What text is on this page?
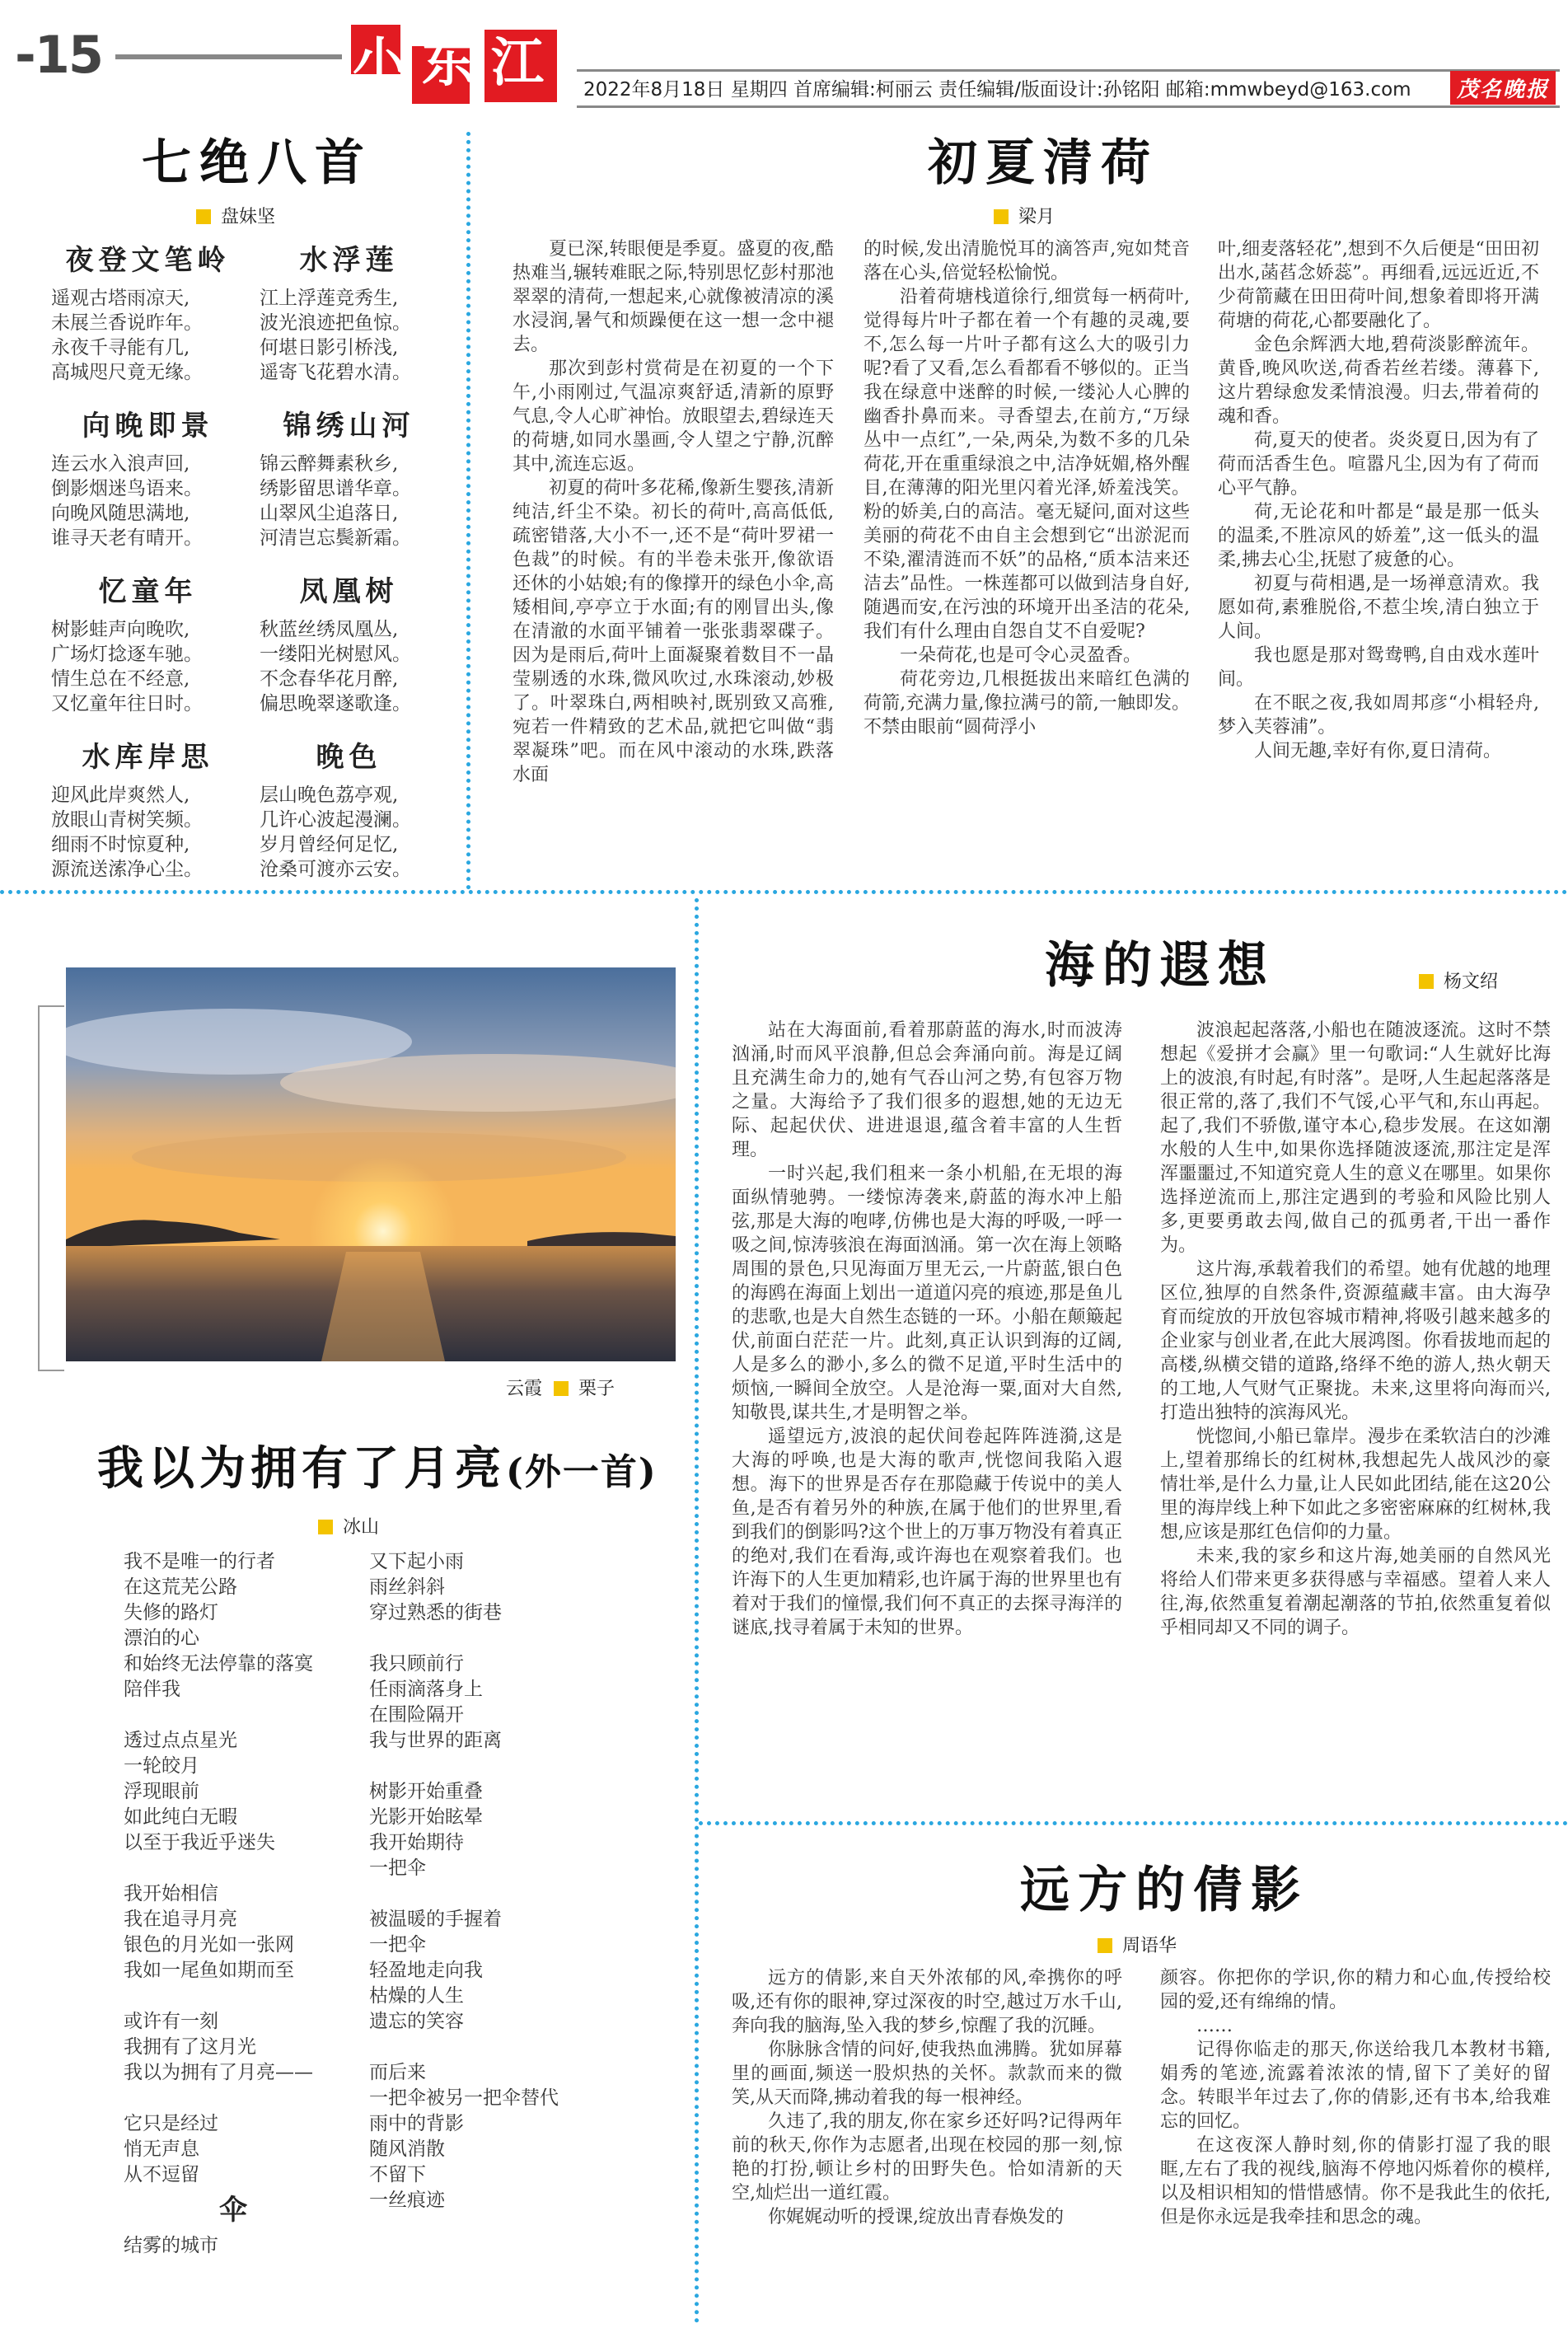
-15	小东江 2022年8月18日 星期四 首席编辑:柯丽云 责任编辑/版面设计:孙铭阳 邮箱:mmwbeyd@163.com	茂名晚报
七绝八首
盘妹坚
夜登文笔岭
遥观古塔雨凉天,
未展兰香说昨年。
永夜千寻能有几,
高城咫尺竟无缘。
水浮莲
江上浮莲竞秀生,
波光浪迹把鱼惊。
何堪日影引桥浅,
遥寄飞花碧水清。
向晚即景
连云水入浪声回,
倒影烟迷鸟语来。
向晚风随思满地,
谁寻天老有晴开。
锦绣山河
锦云醉舞素秋乡,
绣影留思谱华章。
山翠风尘追落日,
河清岂忘鬓新霜。
忆童年
树影蛙声向晚吹,
广场灯捻逐车驰。
情生总在不经意,
又忆童年往日时。
凤凰树
秋蓝丝绣凤凰丛,
一缕阳光树慰风。
不念春华花月醉,
偏思晚翠遂歌逢。
水库岸思
迎风此岸爽然人,
放眼山青树笑频。
细雨不时惊夏种,
源流送溹净心尘。
晚色
层山晚色荔亭观,
几许心波起漫澜。
岁月曾经何足忆,
沧桑可渡亦云安。
初夏清荷
梁月

夏已深,转眼便是季夏。盛夏的夜,酷热难当,辗转难眠之际,特别思忆彭村那池翠翠的清荷,一想起来,心就像被清凉的溪水浸润,暑气和烦躁便在这一想一念中褪去。

那次到彭村赏荷是在初夏的一个下午,小雨刚过,气温凉爽舒适,清新的原野气息,令人心旷神怡。放眼望去,碧绿连天的荷塘,如同水墨画,令人望之宁静,沉醉其中,流连忘返。

初夏的荷叶多花稀,像新生婴孩,清新纯洁,纤尘不染。初长的荷叶,高高低低,疏密错落,大小不一,还不是“荷叶罗裙一色裁”的时候。有的半卷未张开,像欲语还休的小姑娘;有的像撑开的绿色小伞,高矮相间,亭亭立于水面;有的刚冒出头,像在清澈的水面平铺着一张张翡翠碟子。因为是雨后,荷叶上面凝聚着数目不一晶莹剔透的水珠,微风吹过,水珠滚动,妙极了。叶翠珠白,两相映衬,既别致又高雅,宛若一件精致的艺术品,就把它叫做“翡翠凝珠”吧。而在风中滚动的水珠,跌落水面

的时候,发出清脆悦耳的滴答声,宛如梵音落在心头,倍觉轻松愉悦。

沿着荷塘栈道徐行,细赏每一柄荷叶,觉得每片叶子都在着一个有趣的灵魂,要不,怎么每一片叶子都有这么大的吸引力呢?看了又看,怎么看都看不够似的。正当我在绿意中迷醉的时候,一缕沁人心脾的幽香扑鼻而来。寻香望去,在前方,“万绿丛中一点红”,一朵,两朵,为数不多的几朵荷花,开在重重绿浪之中,洁净妩媚,格外醒目,在薄薄的阳光里闪着光泽,娇羞浅笑。粉的娇美,白的高洁。毫无疑问,面对这些美丽的荷花不由自主会想到它“出淤泥而不染,濯清涟而不妖”的品格,“质本洁来还洁去”品性。一株莲都可以做到洁身自好,随遇而安,在污浊的环境开出圣洁的花朵,我们有什么理由自怨自艾不自爱呢?

一朵荷花,也是可令心灵盈香。

荷花旁边,几根挺拔出来暗红色满的荷箭,充满力量,像拉满弓的箭,一触即发。不禁由眼前“圆荷浮小

叶,细麦落轻花”,想到不久后便是“田田初出水,菡萏念娇蕊”。再细看,远远近近,不少荷箭藏在田田荷叶间,想象着即将开满荷塘的荷花,心都要融化了。

金色余辉洒大地,碧荷淡影醉流年。黄昏,晚风吹送,荷香若丝若缕。薄暮下,这片碧绿愈发柔情浪漫。归去,带着荷的魂和香。

荷,夏天的使者。炎炎夏日,因为有了荷而活香生色。喧嚣凡尘,因为有了荷而心平气静。

荷,无论花和叶都是“最是那一低头的温柔,不胜凉风的娇羞”,这一低头的温柔,拂去心尘,抚慰了疲惫的心。

初夏与荷相遇,是一场禅意清欢。我愿如荷,素雅脱俗,不惹尘埃,清白独立于人间。

我也愿是那对鸳鸯鸭,自由戏水莲叶间。

在不眠之夜,我如周邦彦“小楫轻舟,梦入芙蓉浦”。

人间无趣,幸好有你,夏日清荷。

云霞 栗子
我以为拥有了月亮(外一首)
冰山
我不是唯一的行者
在这荒芜公路
失修的路灯
漂泊的心
和始终无法停靠的落寞
陪伴我

透过点点星光
一轮皎月
浮现眼前
如此纯白无暇
以至于我近乎迷失

我开始相信
我在追寻月亮
银色的月光如一张网
我如一尾鱼如期而至

或许有一刻
我拥有了这月光
我以为拥有了月亮——

它只是经过
悄无声息
从不逗留
伞
结雾的城市
又下起小雨
雨丝斜斜
穿过熟悉的街巷

我只顾前行
任雨滴落身上
在围险隔开
我与世界的距离

树影开始重叠
光影开始眩晕
我开始期待
一把伞

被温暖的手握着
一把伞
轻盈地走向我
枯燥的人生
遗忘的笑容

而后来
一把伞被另一把伞替代
雨中的背影
随风消散
不留下
一丝痕迹
海的遐想	杨文绍

站在大海面前,看着那蔚蓝的海水,时而波涛汹涌,时而风平浪静,但总会奔涌向前。海是辽阔且充满生命力的,她有气吞山河之势,有包容万物之量。大海给予了我们很多的遐想,她的无边无际、起起伏伏、进进退退,蕴含着丰富的人生哲理。

一时兴起,我们租来一条小机船,在无垠的海面纵情驰骋。一缕惊涛袭来,蔚蓝的海水冲上船弦,那是大海的咆哮,仿佛也是大海的呼吸,一呼一吸之间,惊涛骇浪在海面汹涌。第一次在海上领略周围的景色,只见海面万里无云,一片蔚蓝,银白色的海鸥在海面上划出一道道闪亮的痕迹,那是鱼儿的悲歌,也是大自然生态链的一环。小船在颠簸起伏,前面白茫茫一片。此刻,真正认识到海的辽阔,人是多么的渺小,多么的微不足道,平时生活中的烦恼,一瞬间全放空。人是沧海一粟,面对大自然,知敬畏,谋共生,才是明智之举。

遥望远方,波浪的起伏间卷起阵阵涟漪,这是大海的呼唤,也是大海的歌声,恍惚间我陷入遐想。海下的世界是否存在那隐藏于传说中的美人鱼,是否有着另外的种族,在属于他们的世界里,看到我们的倒影吗?这个世上的万事万物没有着真正的绝对,我们在看海,或许海也在观察着我们。也许海下的人生更加精彩,也许属于海的世界里也有着对于我们的憧憬,我们何不真正的去探寻海洋的谜底,找寻着属于未知的世界。

波浪起起落落,小船也在随波逐流。这时不禁想起《爱拼才会赢》里一句歌词:“人生就好比海上的波浪,有时起,有时落”。是呀,人生起起落落是很正常的,落了,我们不气馁,心平气和,东山再起。起了,我们不骄傲,谨守本心,稳步发展。在这如潮水般的人生中,如果你选择随波逐流,那注定是浑浑噩噩过,不知道究竟人生的意义在哪里。如果你选择逆流而上,那注定遇到的考验和风险比别人多,更要勇敢去闯,做自己的孤勇者,干出一番作为。

这片海,承载着我们的希望。她有优越的地理区位,独厚的自然条件,资源蕴藏丰富。由大海孕育而绽放的开放包容城市精神,将吸引越来越多的企业家与创业者,在此大展鸿图。你看拔地而起的高楼,纵横交错的道路,络绎不绝的游人,热火朝天的工地,人气财气正聚拢。未来,这里将向海而兴,打造出独特的滨海风光。

恍惚间,小船已靠岸。漫步在柔软洁白的沙滩上,望着那绵长的红树林,我想起先人战风沙的豪情壮举,是什么力量,让人民如此团结,能在这20公里的海岸线上种下如此之多密密麻麻的红树林,我想,应该是那红色信仰的力量。

未来,我的家乡和这片海,她美丽的自然风光将给人们带来更多获得感与幸福感。望着人来人往,海,依然重复着潮起潮落的节拍,依然重复着似乎相同却又不同的调子。

远方的倩影
周语华

远方的倩影,来自天外浓郁的风,牵携你的呼吸,还有你的眼神,穿过深夜的时空,越过万水千山,奔向我的脑海,坠入我的梦乡,惊醒了我的沉睡。

你脉脉含情的问好,使我热血沸腾。犹如屏幕里的画面,频送一股炽热的关怀。款款而来的微笑,从天而降,拂动着我的每一根神经。

久违了,我的朋友,你在家乡还好吗?记得两年前的秋天,你作为志愿者,出现在校园的那一刻,惊艳的打扮,顿让乡村的田野失色。恰如清新的天空,灿烂出一道红霞。

你娓娓动听的授课,绽放出青春焕发的

颜容。你把你的学识,你的精力和心血,传授给校园的爱,还有绵绵的情。

……

记得你临走的那天,你送给我几本教材书籍,娟秀的笔迹,流露着浓浓的情,留下了美好的留念。转眼半年过去了,你的倩影,还有书本,给我难忘的回忆。

在这夜深人静时刻,你的倩影打湿了我的眼眶,左右了我的视线,脑海不停地闪烁着你的模样,以及相识相知的惜惜感情。你不是我此生的依托,但是你永远是我牵挂和思念的魂。
